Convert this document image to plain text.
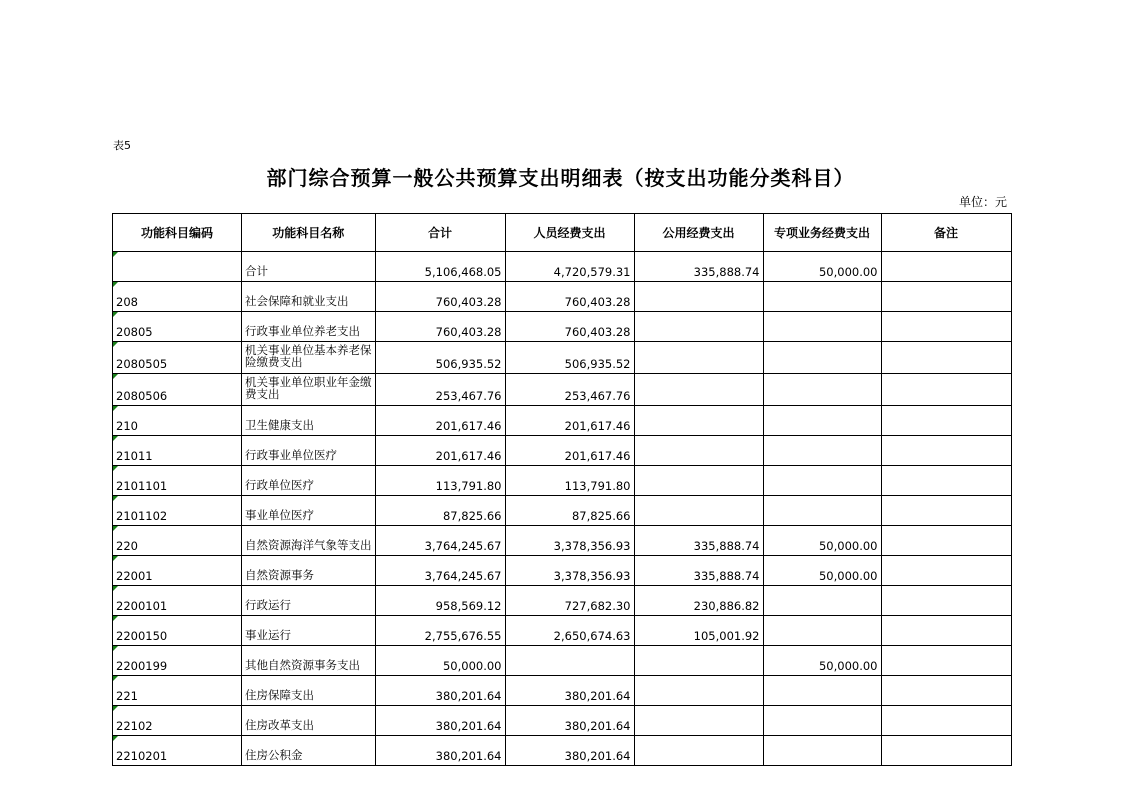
表5
部门综合预算一般公共预算支出明细表（按支出功能分类科目）
单位：元
功能科目编码	功能科目名称	合计	人员经费支出	公用经费支出	专项业务经费支出	备注
	合计	5,106,468.05	4,720,579.31	335,888.74	50,000.00	
208	社会保障和就业支出	760,403.28	760,403.28			
20805	行政事业单位养老支出	760,403.28	760,403.28			
2080505	机关事业单位基本养老保险缴费支出	506,935.52	506,935.52			
2080506	机关事业单位职业年金缴费支出	253,467.76	253,467.76			
210	卫生健康支出	201,617.46	201,617.46			
21011	行政事业单位医疗	201,617.46	201,617.46			
2101101	行政单位医疗	113,791.80	113,791.80			
2101102	事业单位医疗	87,825.66	87,825.66			
220	自然资源海洋气象等支出	3,764,245.67	3,378,356.93	335,888.74	50,000.00	
22001	自然资源事务	3,764,245.67	3,378,356.93	335,888.74	50,000.00	
2200101	行政运行	958,569.12	727,682.30	230,886.82		
2200150	事业运行	2,755,676.55	2,650,674.63	105,001.92		
2200199	其他自然资源事务支出	50,000.00			50,000.00	
221	住房保障支出	380,201.64	380,201.64			
22102	住房改革支出	380,201.64	380,201.64			
2210201	住房公积金	380,201.64	380,201.64			
